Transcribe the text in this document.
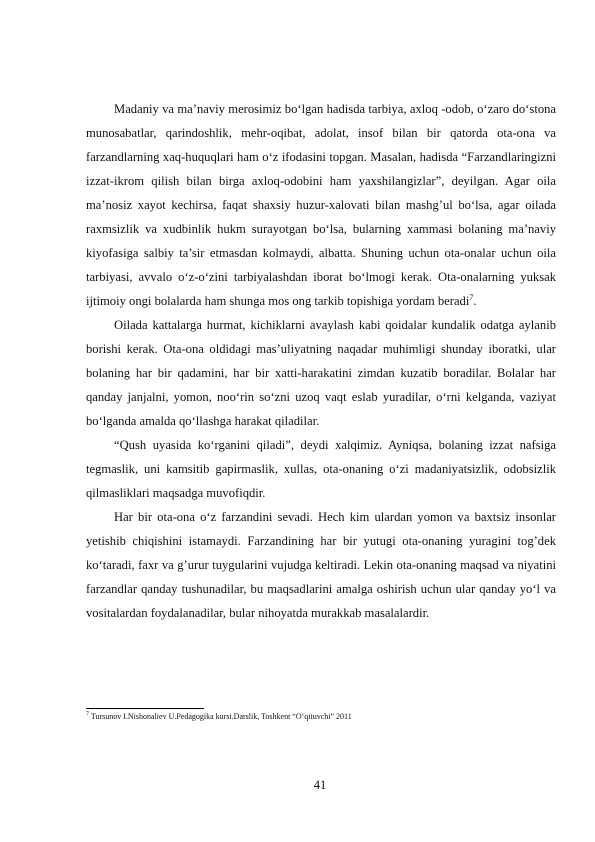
Madaniy va ma’naviy merosimiz bo‘lgan hadisda tarbiya, axloq -odob, o‘zaro do‘stona munosabatlar, qarindoshlik, mehr-oqibat, adolat, insof bilan bir qatorda ota-ona va farzandlarning xaq-huquqlari ham o‘z ifodasini topgan. Masalan, hadisda “Farzandlaringizni izzat-ikrom qilish bilan birga axloq-odobini ham yaxshilangizlar”, deyilgan. Agar oila ma’nosiz xayot kechirsa, faqat shaxsiy huzur-xalovati bilan mashg’ul bo‘lsa, agar oilada raxmsizlik va xudbinlik hukm surayotgan bo‘lsa, bularning xammasi bolaning ma’naviy kiyofasiga salbiy ta’sir etmasdan kolmaydi, albatta. Shuning uchun ota-onalar uchun oila tarbiyasi, avvalo o‘z-o‘zini tarbiyalashdan iborat bo‘lmogi kerak. Ota-onalarning yuksak ijtimoiy ongi bolalarda ham shunga mos ong tarkib topishiga yordam beradi$^7$.

Oilada kattalarga hurmat, kichiklarni avaylash kabi qoidalar kundalik odatga aylanib borishi kerak. Ota-ona oldidagi mas’uliyatning naqadar muhimligi shunday iboratki, ular bolaning har bir qadamini, har bir xatti-harakatini zimdan kuzatib boradilar. Bolalar har qanday janjalni, yomon, noo‘rin so‘zni uzoq vaqt eslab yuradilar, o‘rni kelganda, vaziyat bo‘lganda amalda qo‘llashga harakat qiladilar.

“Qush uyasida ko‘rganini qiladi”, deydi xalqimiz. Ayniqsa, bolaning izzat nafsiga tegmaslik, uni kamsitib gapirmaslik, xullas, ota-onaning o‘zi madaniyatsizlik, odobsizlik qilmasliklari maqsadga muvofiqdir.

Har bir ota-ona o‘z farzandini sevadi. Hech kim ulardan yomon va baxtsiz insonlar yetishib chiqishini istamaydi. Farzandining har bir yutugi ota-onaning yuragini tog’dek ko‘taradi, faxr va g’urur tuygularini vujudga keltiradi. Lekin ota-onaning maqsad va niyatini farzandlar qanday tushunadilar, bu maqsadlarini amalga oshirish uchun ular qanday yo‘l va vositalardan foydalanadilar, bular nihoyatda murakkab masalalardir.

$^7$ Tursunov I.Nishonaliev U.Pedagogika kursi.Darslik, Toshkent “O‘qituvchi” 2011
41
